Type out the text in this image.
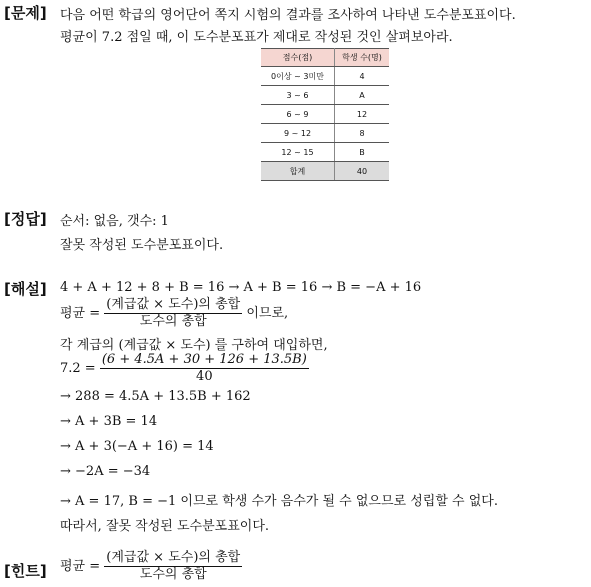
[문제] 다음 어떤 학급의 영어단어 쪽지 시험의 결과를 조사하여 나타낸 도수분포표이다.
평균이 7.2 점일 때, 이 도수분포표가 제대로 작성된 것인 살펴보아라.
점수(점)	학생 수(명)
0이상 ~ 3미만	4
3 ~ 6	A
6 ~ 9	12
9 ~ 12	8
12 ~ 15	B
합계	40
[정답] 순서: 없음, 갯수: 1
잘못 작성된 도수분포표이다.
[해설] 4 + A + 12 + 8 + B = 16 → A + B = 16 → B = −A + 16
평균 = $\frac{\text{(계급값 × 도수)의 총합}}{\text{도수의 총합}}$ 이므로,
각 계급의 (계급값 × 도수) 를 구하여 대입하면,
$7.2 = \frac{(6 + 4.5A + 30 + 126 + 13.5B)}{40}$
→ 288 = 4.5A + 13.5B + 162
→ A + 3B = 14
→ A + 3(−A + 16) = 14
→ −2A = −34
→ A = 17, B = −1 이므로 학생 수가 음수가 될 수 없으므로 성립할 수 없다.
따라서, 잘못 작성된 도수분포표이다.
[힌트] 평균 = $\frac{\text{(계급값 × 도수)의 총합}}{\text{도수의 총합}}$
